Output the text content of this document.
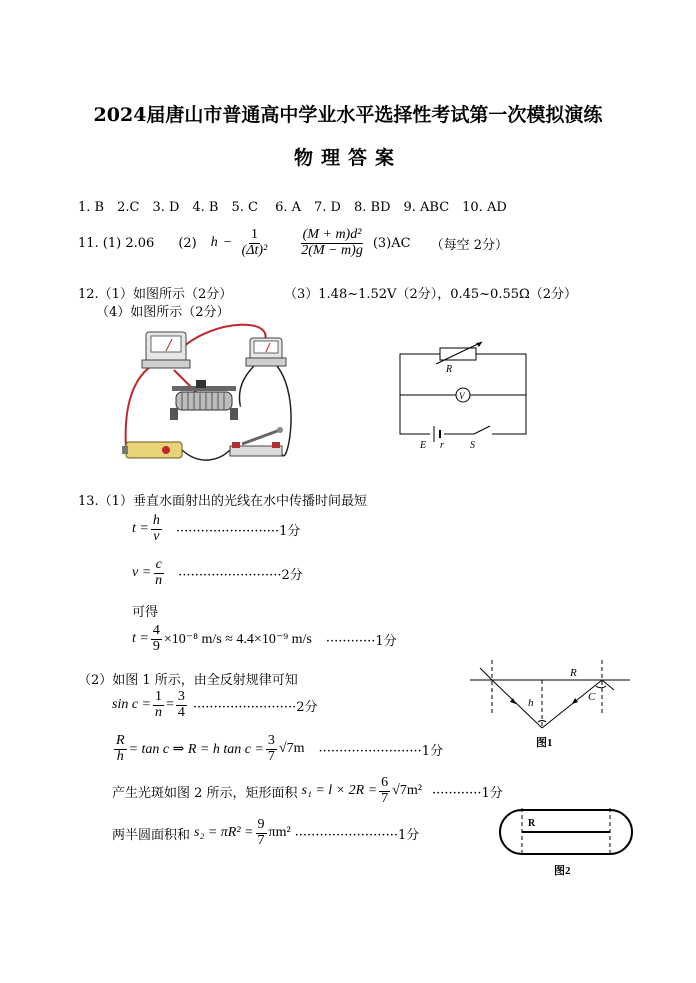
2024届唐山市普通高中学业水平选择性考试第一次模拟演练
物理答案
1. B　2.C　3. D　4. B　5. C　 6. A　7. D　8. BD　9. ABC　10. AD
11. (1) 2.06 (2) $h - \frac{1}{\text{(Δt)²}} \frac{\text{(M + m)d²}}{2(M - m)g} (3)AC$ （每空 2分）
12.（1）如图所示（2分）	（3）1.48~1.52V（2分），0.45~0.55Ω（2分）
（4）如图所示（2分）
R
V
E r	S
13.（1）垂直水面射出的光线在水中传播时间最短
$t = \frac{h}{v} \cdot\cdot\cdot\cdot\cdot\cdot\cdot\cdot\cdot\cdot\cdot\cdot\cdot\cdot\cdot\cdot\cdot\cdot\cdot\cdot\cdot\cdot\cdot\cdot\cdot 1$分
$v = \frac{c}{n} \cdot\cdot\cdot\cdot\cdot\cdot\cdot\cdot\cdot\cdot\cdot\cdot\cdot\cdot\cdot\cdot\cdot\cdot\cdot\cdot\cdot\cdot\cdot\cdot\cdot 2$分
可得
$t = \frac{4}{9} \times 10^{-8}$ m/s ≈ 4.4×10⁻⁹ m/s ············1分
（2）如图 1 所示，由全反射规律可知
$\sin c = \frac{1}{n} = \frac{3}{4} \cdot\cdot\cdot\cdot\cdot\cdot\cdot\cdot\cdot\cdot\cdot\cdot\cdot\cdot\cdot\cdot\cdot\cdot\cdot\cdot\cdot\cdot\cdot\cdot\cdot 2$分
$\frac{R}{h} = \tan c$ ⇒ R = h $\tan c = \frac{3}{7} √7m \cdot\cdot\cdot\cdot\cdot\cdot\cdot\cdot\cdot\cdot\cdot\cdot\cdot\cdot\cdot\cdot\cdot\cdot\cdot\cdot\cdot\cdot\cdot\cdot\cdot 1$分
产生光斑如图 2 所示，矩形面积 $s_1 = l \times 2R = \frac{6}{7} √7m^2 \cdot\cdot\cdot\cdot\cdot\cdot\cdot\cdot\cdot\cdot\cdot\cdot 1$分
两半圆面积和 $s_2 = \pi R^2 = \frac{9}{7} \pi m^2 \cdot\cdot\cdot\cdot\cdot\cdot\cdot\cdot\cdot\cdot\cdot\cdot\cdot\cdot\cdot\cdot\cdot\cdot\cdot\cdot\cdot\cdot\cdot\cdot\cdot 1$分
R
h	C
图1
R
图2
